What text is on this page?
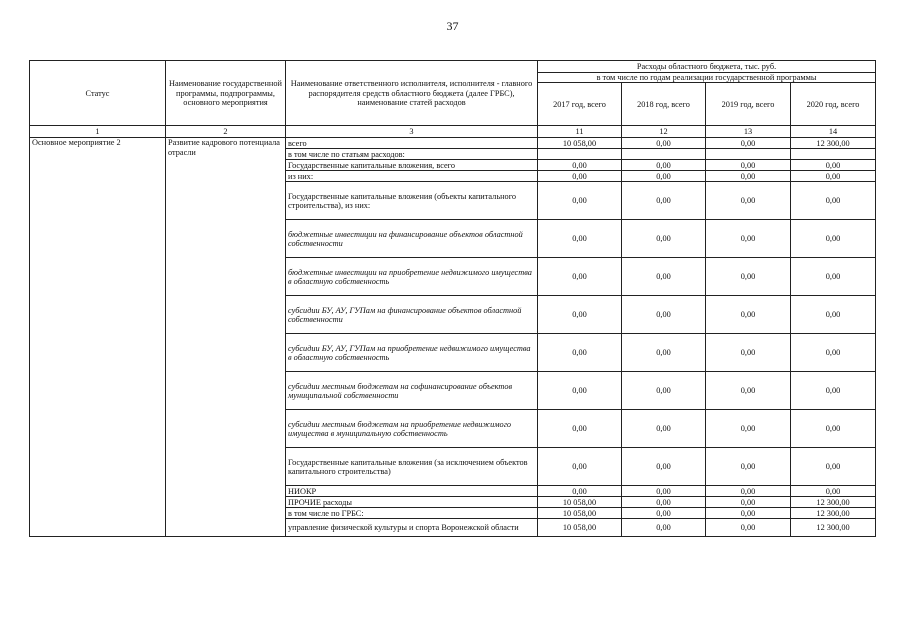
37
Статус	Наименование государственной программы, подпрограммы, основного мероприятия	Наименование ответственного исполнителя, исполнителя - главного распорядителя средств областного бюджета (далее ГРБС), наименование статей расходов	Расходы областного бюджета, тыс. руб.			
			в том числе по годам реализации государственной программы			
			2017 год, всего	2018 год, всего	2019 год, всего	2020 год, всего
1	2	3	11	12	13	14
Основное мероприятие 2	Развитие кадрового потенциала отрасли	всего	10 058,00	0,00	0,00	12 300,00
		в том числе по статьям расходов:				
		Государственные капитальные вложения, всего	0,00	0,00	0,00	0,00
		из них:	0,00	0,00	0,00	0,00
		Государственные капитальные вложения (объекты капитального строительства), из них:	0,00	0,00	0,00	0,00
		бюджетные инвестиции на финансирование объектов областной собственности	0,00	0,00	0,00	0,00
		бюджетные инвестиции на приобретение недвижимого имущества в областную собственность	0,00	0,00	0,00	0,00
		субсидии БУ, АУ, ГУПам на финансирование объектов областной собственности	0,00	0,00	0,00	0,00
		субсидии БУ, АУ, ГУПам на приобретение недвижимого имущества в областную собственность	0,00	0,00	0,00	0,00
		субсидии местным бюджетам на софинансирование объектов муниципальной собственности	0,00	0,00	0,00	0,00
		субсидии местным бюджетам на приобретение недвижимого имущества в муниципальную собственность	0,00	0,00	0,00	0,00
		Государственные капитальные вложения (за исключением объектов капитального строительства)	0,00	0,00	0,00	0,00
		НИОКР	0,00	0,00	0,00	0,00
		ПРОЧИЕ расходы	10 058,00	0,00	0,00	12 300,00
		в том числе по ГРБС:	10 058,00	0,00	0,00	12 300,00
		управление физической культуры и спорта Воронежской области	10 058,00	0,00	0,00	12 300,00
